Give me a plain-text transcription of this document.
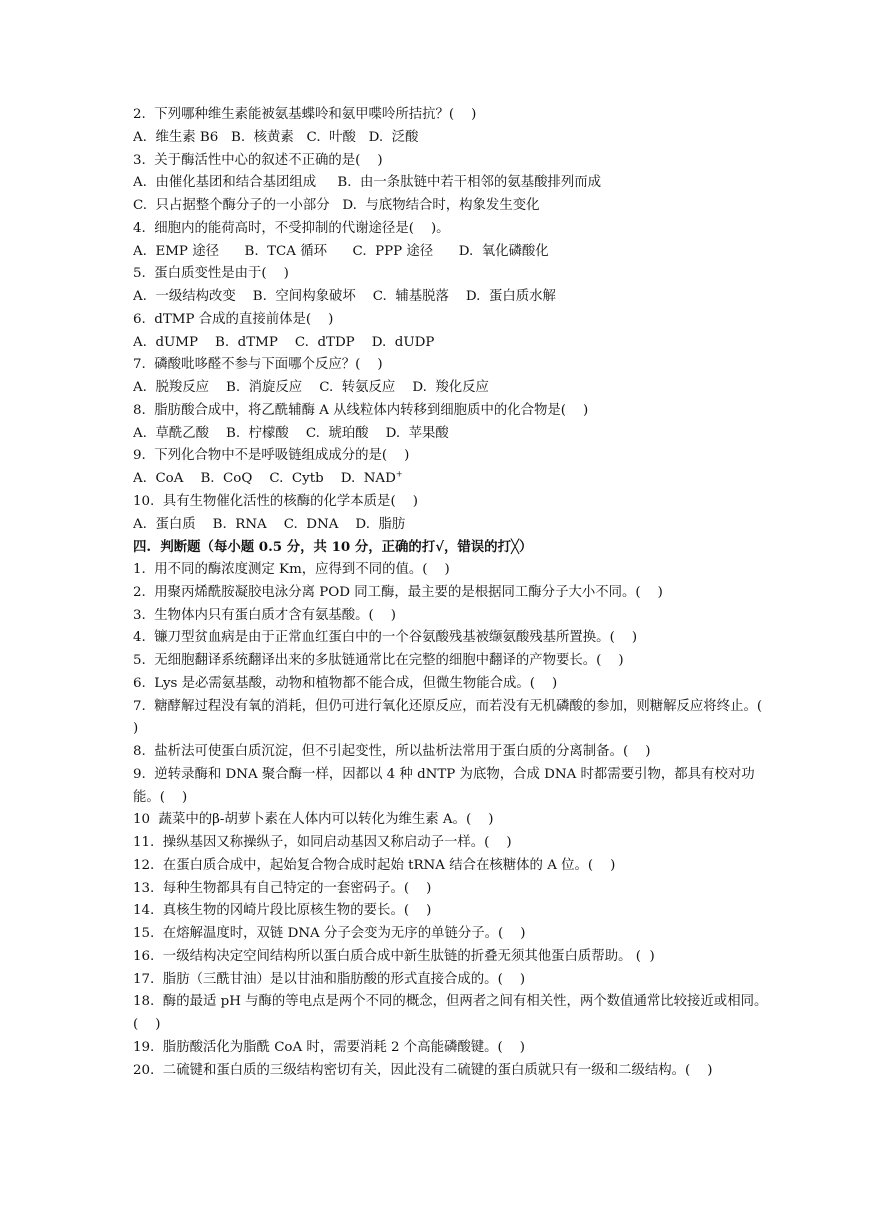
2.  下列哪种维生素能被氨基蝶呤和氨甲喋呤所拮抗？(    )
A.  维生素 B6   B.  核黄素   C.  叶酸   D.  泛酸
3.  关于酶活性中心的叙述不正确的是(    )
A.  由催化基团和结合基团组成     B.  由一条肽链中若干相邻的氨基酸排列而成
C.  只占据整个酶分子的一小部分   D.  与底物结合时，构象发生变化
4.  细胞内的能荷高时，不受抑制的代谢途径是(    )。
A.  EMP 途径      B.  TCA 循环      C.  PPP 途径      D.  氧化磷酸化
5.  蛋白质变性是由于(    )
A.  一级结构改变    B.  空间构象破坏    C.  辅基脱落    D.  蛋白质水解
6.  dTMP 合成的直接前体是(    )
A.  dUMP    B.  dTMP    C.  dTDP    D.  dUDP
7.  磷酸吡哆醛不参与下面哪个反应？(    )
A.  脱羧反应    B.  消旋反应    C.  转氨反应    D.  羧化反应
8.  脂肪酸合成中，将乙酰辅酶 A 从线粒体内转移到细胞质中的化合物是(    )
A.  草酰乙酸    B.  柠檬酸    C.  琥珀酸    D.  苹果酸
9.  下列化合物中不是呼吸链组成成分的是(    )
A.  CoA    B.  CoQ    C.  Cytb    D.  NAD+
10.  具有生物催化活性的核酶的化学本质是(    )
A.  蛋白质    B.  RNA    C.  DNA    D.  脂肪
四.  判断题（每小题 0.5 分，共 10 分，正确的打√，错误的打╳）
1.  用不同的酶浓度测定 Km，应得到不同的值。(    )
2.  用聚丙烯酰胺凝胶电泳分离 POD 同工酶，最主要的是根据同工酶分子大小不同。(    )
3.  生物体内只有蛋白质才含有氨基酸。(    )
4.  镰刀型贫血病是由于正常血红蛋白中的一个谷氨酸残基被缬氨酸残基所置换。(    )
5.  无细胞翻译系统翻译出来的多肽链通常比在完整的细胞中翻译的产物要长。(    )
6.  Lys 是必需氨基酸，动物和植物都不能合成，但微生物能合成。(    )
7.  糖酵解过程没有氧的消耗，但仍可进行氧化还原反应，而若没有无机磷酸的参加，则糖解反应将终止。(    )
8.  盐析法可使蛋白质沉淀，但不引起变性，所以盐析法常用于蛋白质的分离制备。(    )
9.  逆转录酶和 DNA 聚合酶一样，因都以 4 种 dNTP 为底物，合成 DNA 时都需要引物，都具有校对功能。(    )
10  蔬菜中的β-胡萝卜素在人体内可以转化为维生素 A。(    )
11.  操纵基因又称操纵子，如同启动基因又称启动子一样。(    )
12.  在蛋白质合成中，起始复合物合成时起始 tRNA 结合在核糖体的 A 位。(    )
13.  每种生物都具有自己特定的一套密码子。(    )
14.  真核生物的冈崎片段比原核生物的要长。(    )
15.  在熔解温度时，双链 DNA 分子会变为无序的单链分子。(    )
16.  一级结构决定空间结构所以蛋白质合成中新生肽链的折叠无须其他蛋白质帮助。 (  )
17.  脂肪（三酰甘油）是以甘油和脂肪酸的形式直接合成的。(    )
18.  酶的最适 pH 与酶的等电点是两个不同的概念，但两者之间有相关性，两个数值通常比较接近或相同。(    )
19.  脂肪酸活化为脂酰 CoA 时，需要消耗 2 个高能磷酸键。(    )
20.  二硫键和蛋白质的三级结构密切有关，因此没有二硫键的蛋白质就只有一级和二级结构。(    )
